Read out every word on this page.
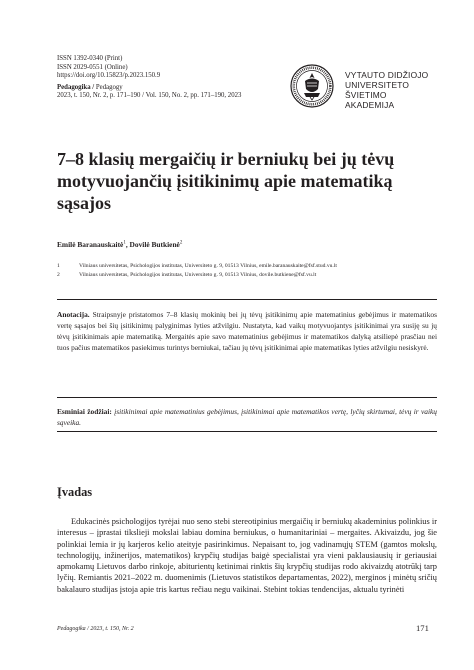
ISSN 1392-0340 (Print)
ISSN 2029-0551 (Online)
https://doi.org/10.15823/p.2023.150.9
Pedagogika / Pedagogy
2023, t. 150, Nr. 2, p. 171–190 / Vol. 150, No. 2, pp. 171–190, 2023
VYTAUTO DIDŽIOJO
UNIVERSITETO
ŠVIETIMO
AKADEMIJA
7–8 klasių mergaičių ir berniukų bei jų tėvų motyvuojančių įsitikinimų apie matematiką sąsajos
Emilė Baranauskaitė$^1$, Dovilė Butkienė$^2$
1	Vilniaus universitetas, Psichologijos institutas, Universiteto g. 9, 01513 Vilnius, emile.baranauskaite@fsf.stud.vu.lt
2	Vilniaus universitetas, Psichologijos institutas, Universiteto g. 9, 01513 Vilnius, dovile.butkiene@fsf.vu.lt
Anotacija. Straipsnyje pristatomos 7–8 klasių mokinių bei jų tėvų įsitikinimų apie matematinius gebėjimus ir matematikos vertę sąsajos bei šių įsitikinimų palyginimas lyties atžvilgiu. Nustatyta, kad vaikų motyvuojantys įsitikinimai yra susiję su jų tėvų įsitikinimais apie matematiką. Mergaitės apie savo matematinius gebėjimus ir matematikos dalyką atsiliepė prasčiau nei tuos pačius matematikos pasiekimus turintys berniukai, tačiau jų tėvų įsitikinimai apie matematikas lyties atžvilgiu nesiskyrė.
Esminiai žodžiai: įsitikinimai apie matematinius gebėjimus, įsitikinimai apie matematikos vertę, lyčių skirtumai, tėvų ir vaikų sąveika.
Įvadas

Edukacinės psichologijos tyrėjai nuo seno stebi stereotipinius mergaičių ir berniukų akademinius polinkius ir interesus – įprastai tiksliеji mokslai labiau domina berniukus, o humanitariniai – mergaites. Akivaizdu, jog šie polinkiai lemia ir jų karjeros kelio ateityje pasirinkimus. Nepaisant to, jog vadinamųjų STEM (gamtos mokslų, technologijų, inžinerijos, matematikos) krypčių studijas baigė specialistai yra vieni paklausiausių ir geriausiai apmokamų Lietuvos darbo rinkoje, abiturientų ketinimai rinktis šių krypčių studijas rodo akivaizdų atotrūkį tarp lyčių. Remiantis 2021–2022 m. duomenimis (Lietuvos statistikos departamentas, 2022), merginos į minėtų sričių bakalauro studijas įstoja apie tris kartus rečiau negu vaikinai. Stebint tokias tendencijas, aktualu tyrinėti

Pedagogika / 2023, t. 150, Nr. 2	171
